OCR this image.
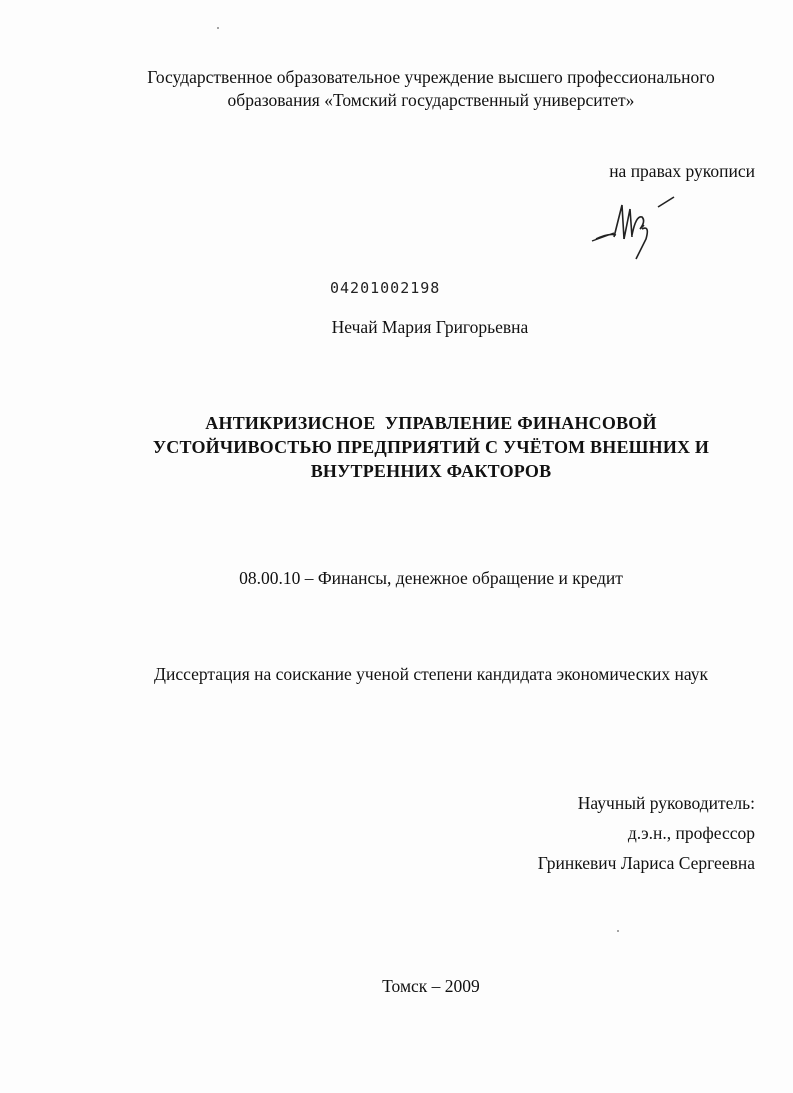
Государственное образовательное учреждение высшего профессионального
образования «Томский государственный университет»
на правах рукописи
04201002198
Нечай Мария Григорьевна
АНТИКРИЗИСНОЕ  УПРАВЛЕНИЕ ФИНАНСОВОЙ
УСТОЙЧИВОСТЬЮ ПРЕДПРИЯТИЙ С УЧЁТОМ ВНЕШНИХ И
ВНУТРЕННИХ ФАКТОРОВ
08.00.10 – Финансы, денежное обращение и кредит
Диссертация на соискание ученой степени кандидата экономических наук
Научный руководитель:
д.э.н., профессор
Гринкевич Лариса Сергеевна
Томск – 2009
